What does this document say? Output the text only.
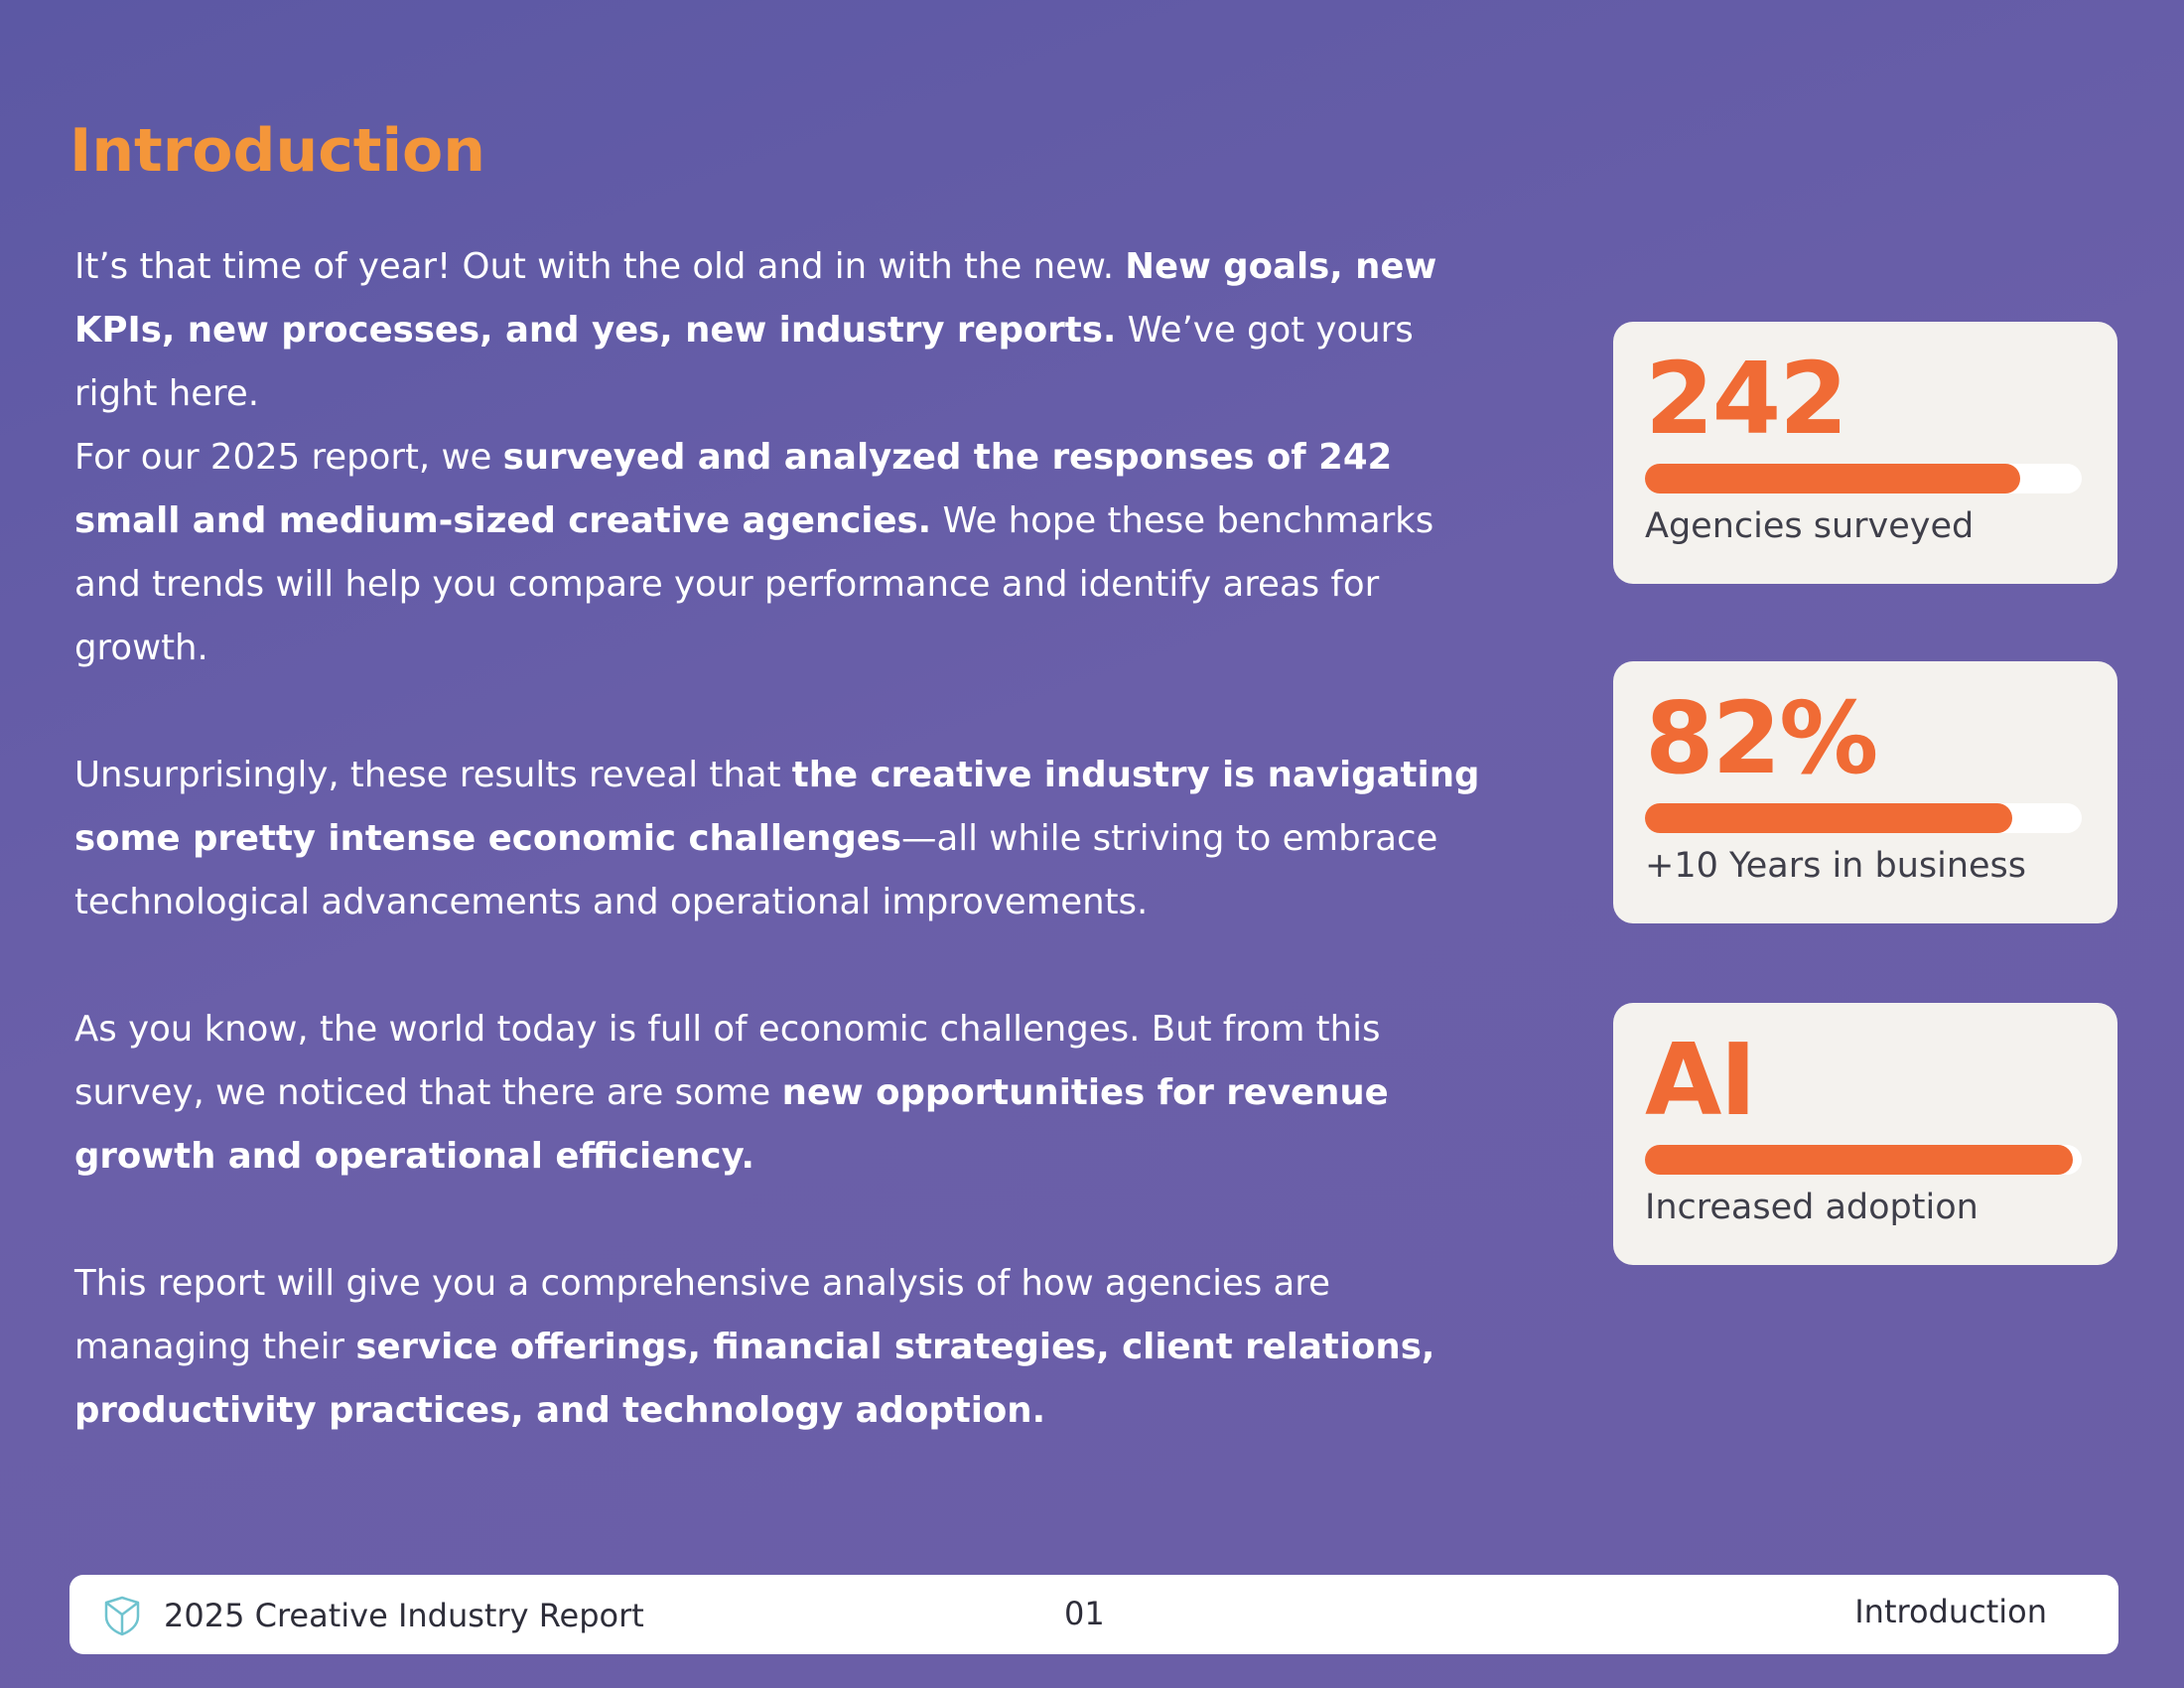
Introduction

It’s that time of year! Out with the old and in with the new. New goals, new KPIs, new processes, and yes, new industry reports. We’ve got yours right here.

For our 2025 report, we surveyed and analyzed the responses of 242 small and medium-sized creative agencies. We hope these benchmarks and trends will help you compare your performance and identify areas for growth.

Unsurprisingly, these results reveal that the creative industry is navigating some pretty intense economic challenges—all while striving to embrace technological advancements and operational improvements.

As you know, the world today is full of economic challenges. But from this survey, we noticed that there are some new opportunities for revenue growth and operational efficiency.

This report will give you a comprehensive analysis of how agencies are managing their service offerings, financial strategies, client relations, productivity practices, and technology adoption.

242
Agencies surveyed
82%
+10 Years in business
AI
Increased adoption
2025 Creative Industry Report	01	Introduction
